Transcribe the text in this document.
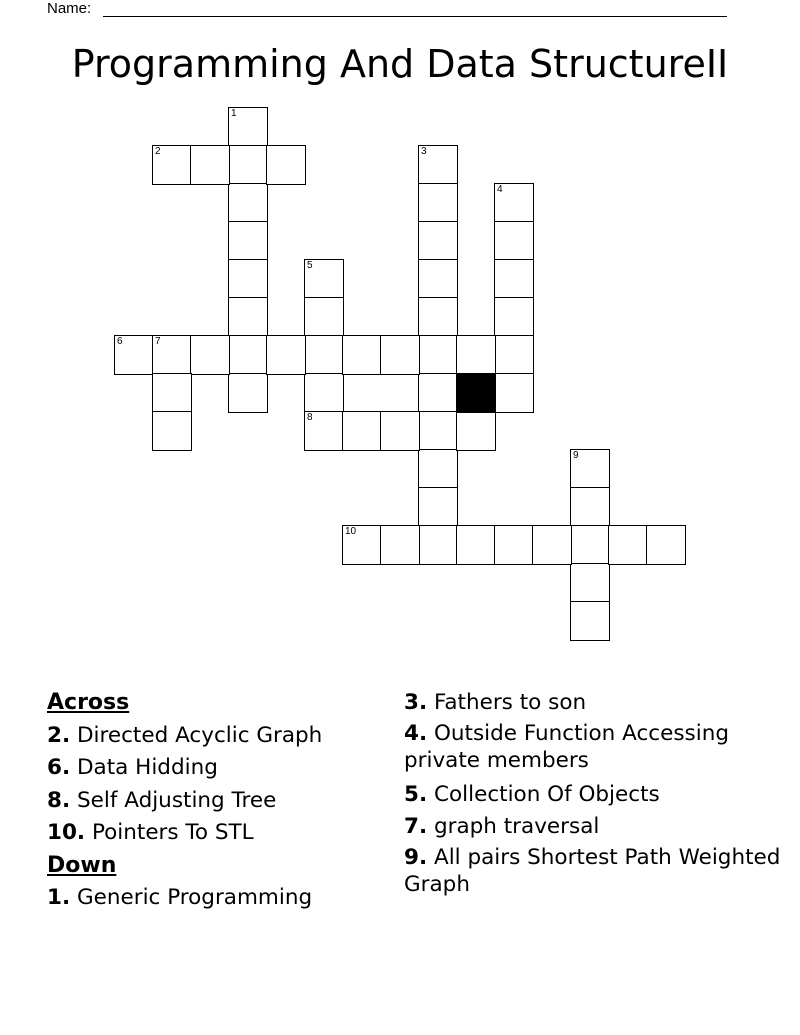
Name:
Programming And Data StructureII
1
2	3
4
5
8
6	7
9
10
Across
2. Directed Acyclic Graph
6. Data Hidding
8. Self Adjusting Tree
10. Pointers To STL
Down
1. Generic Programming
3. Fathers to son
4. Outside Function Accessing private members
5. Collection Of Objects
7. graph traversal
9. All pairs Shortest Path Weighted Graph
